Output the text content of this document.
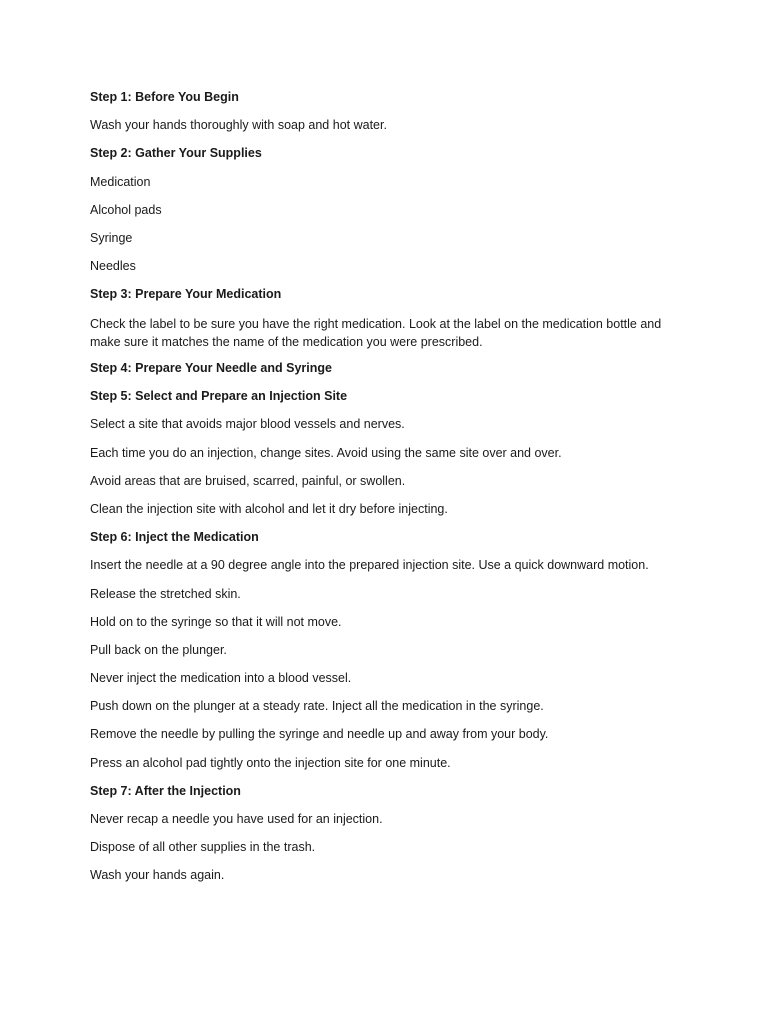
Step 1: Before You Begin
Wash your hands thoroughly with soap and hot water.
Step 2: Gather Your Supplies
Medication
Alcohol pads
Syringe
Needles
Step 3: Prepare Your Medication
Check the label to be sure you have the right medication. Look at the label on the medication bottle and make sure it matches the name of the medication you were prescribed.
Step 4: Prepare Your Needle and Syringe
Step 5: Select and Prepare an Injection Site
Select a site that avoids major blood vessels and nerves.
Each time you do an injection, change sites. Avoid using the same site over and over.
Avoid areas that are bruised, scarred, painful, or swollen.
Clean the injection site with alcohol and let it dry before injecting.
Step 6: Inject the Medication
Insert the needle at a 90 degree angle into the prepared injection site. Use a quick downward motion.
Release the stretched skin.
Hold on to the syringe so that it will not move.
Pull back on the plunger.
Never inject the medication into a blood vessel.
Push down on the plunger at a steady rate. Inject all the medication in the syringe.
Remove the needle by pulling the syringe and needle up and away from your body.
Press an alcohol pad tightly onto the injection site for one minute.
Step 7: After the Injection
Never recap a needle you have used for an injection.
Dispose of all other supplies in the trash.
Wash your hands again.
